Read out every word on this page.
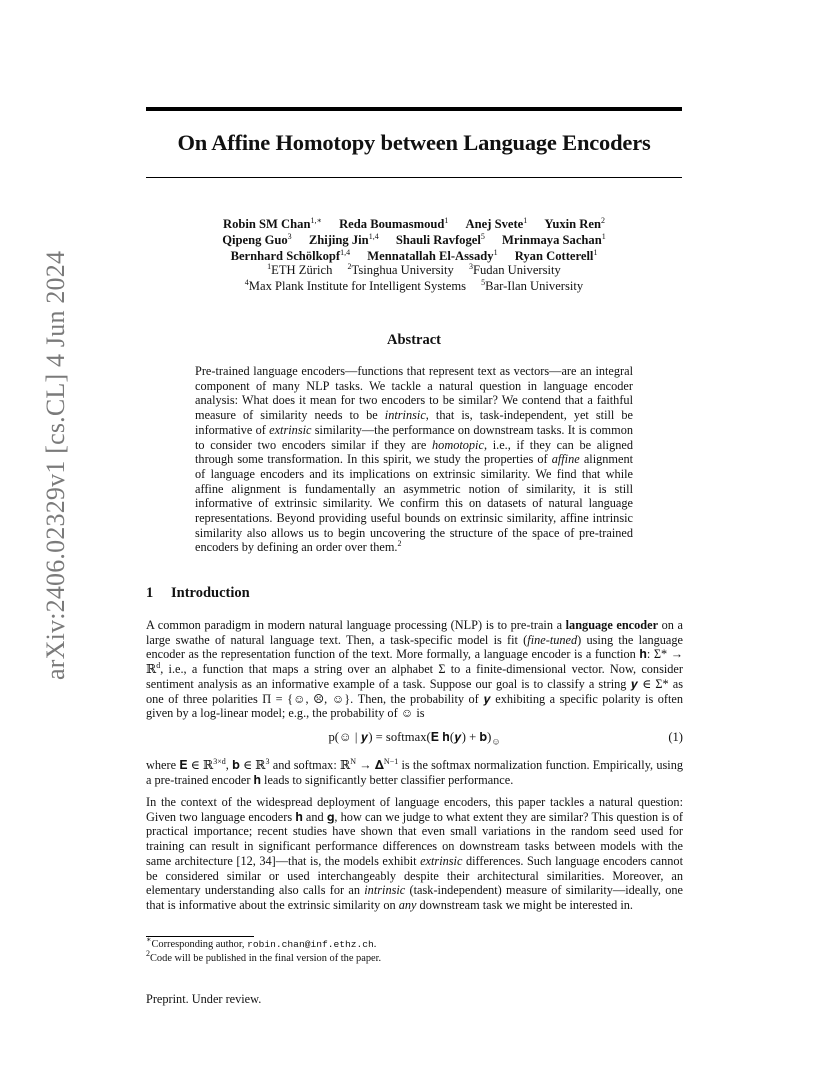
arXiv:2406.02329v1 [cs.CL] 4 Jun 2024
On Affine Homotopy between Language Encoders
Robin SM Chan$^{1,∗}$ Reda Boumasmoud$^1$ Anej Svete$^1$ Yuxin Ren$^2$
Qipeng Guo$^3$ Zhijing Jin$^{1,4}$ Shauli Ravfogel$^5$ Mrinmaya Sachan$^1$
Bernhard Schölkopf$^{1,4}$ Mennatallah El-Assady$^1$ Ryan Cotterell$^1$
$^1$ETH Zürich $^2$Tsinghua University $^3$Fudan University
$^4$Max Plank Institute for Intelligent Systems $^5$Bar-Ilan University
Abstract

Pre-trained language encoders—functions that represent text as vectors—are an integral component of many NLP tasks. We tackle a natural question in language encoder analysis: What does it mean for two encoders to be similar? We contend that a faithful measure of similarity needs to be intrinsic, that is, task-independent, yet still be informative of extrinsic similarity—the performance on downstream tasks. It is common to consider two encoders similar if they are homotopic, i.e., if they can be aligned through some transformation. In this spirit, we study the properties of affine alignment of language encoders and its implications on extrinsic similarity. We find that while affine alignment is fundamentally an asymmetric notion of similarity, it is still informative of extrinsic similarity. We confirm this on datasets of natural language representations. Beyond providing useful bounds on extrinsic similarity, affine intrinsic similarity also allows us to begin uncovering the structure of the space of pre-trained encoders by defining an order over them.$^2$

1 Introduction

A common paradigm in modern natural language processing (NLP) is to pre-train a language encoder on a large swathe of natural language text. Then, a task-specific model is fit (fine-tuned) using the language encoder as the representation function of the text. More formally, a language encoder is a function 𝐡: Σ* → ℝ$^d$, i.e., a function that maps a string over an alphabet Σ to a finite-dimensional vector. Now, consider sentiment analysis as an informative example of a task. Suppose our goal is to classify a string 𝒚 ∈ Σ* as one of three polarities Π = {☺, ☹, ☺}. Then, the probability of 𝒚 exhibiting a specific polarity is often given by a log-linear model; e.g., the probability of ☺ is

p(☺ | 𝒚) = softmax(𝐄 𝐡(𝒚) + $𝐛)_☺$	(1)

where 𝐄 ∈ ℝ$^{3\times d}$, 𝐛 ∈ ℝ$^3$ and softmax: ℝ$^N$ → 𝚫$^{N-1}$ is the softmax normalization function. Empirically, using a pre-trained encoder 𝐡 leads to significantly better classifier performance.

In the context of the widespread deployment of language encoders, this paper tackles a natural question: Given two language encoders 𝐡 and 𝐠, how can we judge to what extent they are similar? This question is of practical importance; recent studies have shown that even small variations in the random seed used for training can result in significant performance differences on downstream tasks between models with the same architecture [12, 34]—that is, the models exhibit extrinsic differences. Such language encoders cannot be considered similar or used interchangeably despite their architectural similarities. Moreover, an elementary understanding also calls for an intrinsic (task-independent) measure of similarity—ideally, one that is informative about the extrinsic similarity on any downstream task we might be interested in.

∗Corresponding author, robin.chan@inf.ethz.ch.
$^2$Code will be published in the final version of the paper.
Preprint. Under review.
